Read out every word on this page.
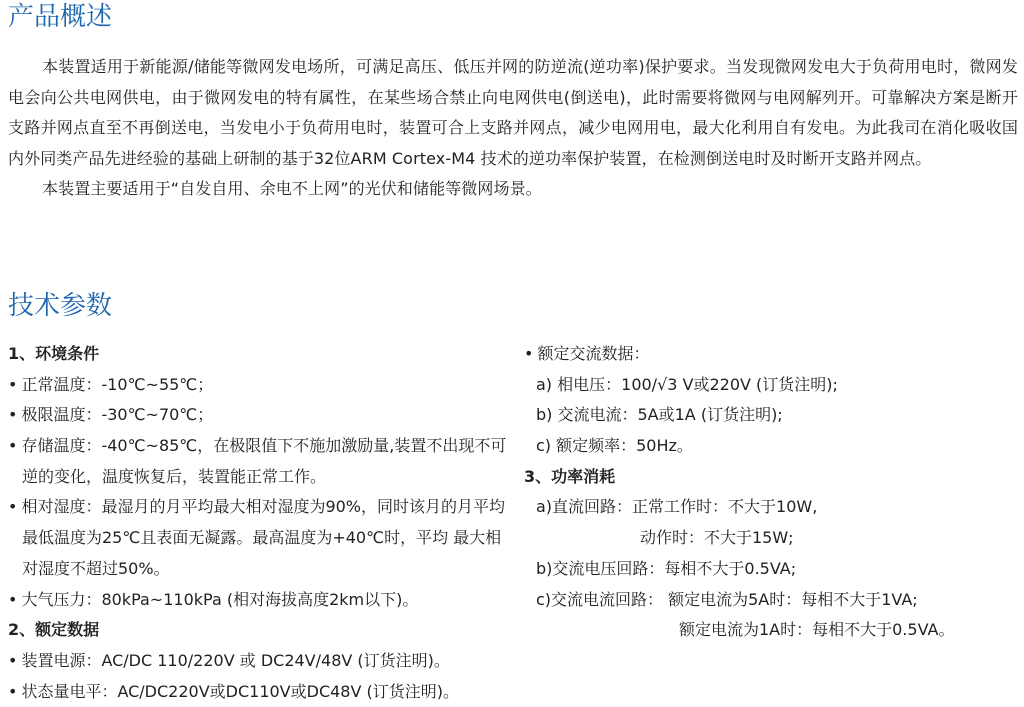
产品概述

本装置适用于新能源/储能等微网发电场所，可满足高压、低压并网的防逆流(逆功率)保护要求。当发现微网发电大于负荷用电时，微网发电会向公共电网供电，由于微网发电的特有属性，在某些场合禁止向电网供电(倒送电)，此时需要将微网与电网解列开。可靠解决方案是断开支路并网点直至不再倒送电，当发电小于负荷用电时，装置可合上支路并网点，减少电网用电，最大化利用自有发电。为此我司在消化吸收国内外同类产品先进经验的基础上研制的基于32位ARM Cortex-M4 技术的逆功率保护装置，在检测倒送电时及时断开支路并网点。

本装置主要适用于“自发自用、余电不上网”的光伏和储能等微网场景。

技术参数
1、环境条件
• 正常温度：-10℃~55℃；
• 极限温度：-30℃~70℃；
• 存储温度：-40℃~85℃，在极限值下不施加激励量,装置不出现不可逆的变化，温度恢复后，装置能正常工作。
• 相对湿度：最湿月的月平均最大相对湿度为90%，同时该月的月平均最低温度为25℃且表面无凝露。最高温度为+40℃时，平均 最大相对湿度不超过50%。
• 大气压力：80kPa~110kPa (相对海拔高度2km以下)。
2、额定数据
• 装置电源：AC/DC 110/220V 或 DC24V/48V (订货注明)。
• 状态量电平：AC/DC220V或DC110V或DC48V (订货注明)。
• 额定交流数据：
a) 相电压：100/√3 V或220V (订货注明);
b) 交流电流：5A或1A (订货注明);
c) 额定频率：50Hz。
3、功率消耗
a)直流回路：正常工作时：不大于10W,
动作时：不大于15W;
b)交流电压回路：每相不大于0.5VA;
c)交流电流回路： 额定电流为5A时：每相不大于1VA;
额定电流为1A时：每相不大于0.5VA。
